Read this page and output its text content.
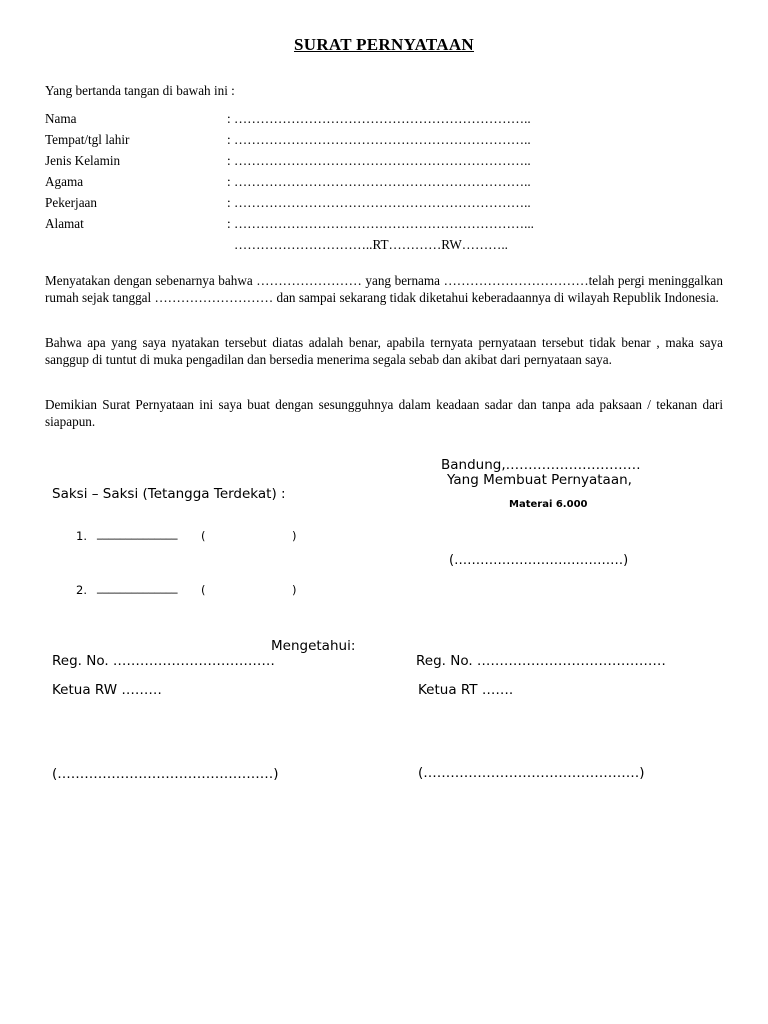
SURAT PERNYATAAN
Yang bertanda tangan di bawah ini :
Nama	: …………………………………………………………..
Tempat/tgl lahir	: …………………………………………………………..
Jenis Kelamin	: …………………………………………………………..
Agama	: …………………………………………………………..
Pekerjaan	: …………………………………………………………..
Alamat	: …………………………………………………………...
…………………………..RT…………RW………..
Menyatakan dengan sebenarnya bahwa …………………… yang bernama ……………………………telah pergi meninggalkan rumah sejak tanggal ……………………… dan sampai sekarang tidak diketahui keberadaannya di wilayah Republik Indonesia.
Bahwa apa yang saya nyatakan tersebut diatas adalah benar, apabila ternyata pernyataan tersebut tidak benar , maka saya sanggup di tuntut di muka pengadilan dan bersedia menerima segala sebab dan akibat dari pernyataan saya.
Demikian Surat Pernyataan ini saya buat dengan sesungguhnya dalam keadaan sadar dan tanpa ada paksaan / tekanan dari siapapun.
Bandung,…………………………
Yang Membuat Pernyataan,
Materai 6.000
(…………………………………)
Saksi – Saksi (Tetangga Terdekat) :
1. ______________ (	)
2. ______________ (	)
Mengetahui:
Reg. No. ………………………………	Reg. No. ……………………………………
Ketua RW ………	Ketua RT …….
(…………………………………………)	(…………………………………………)
